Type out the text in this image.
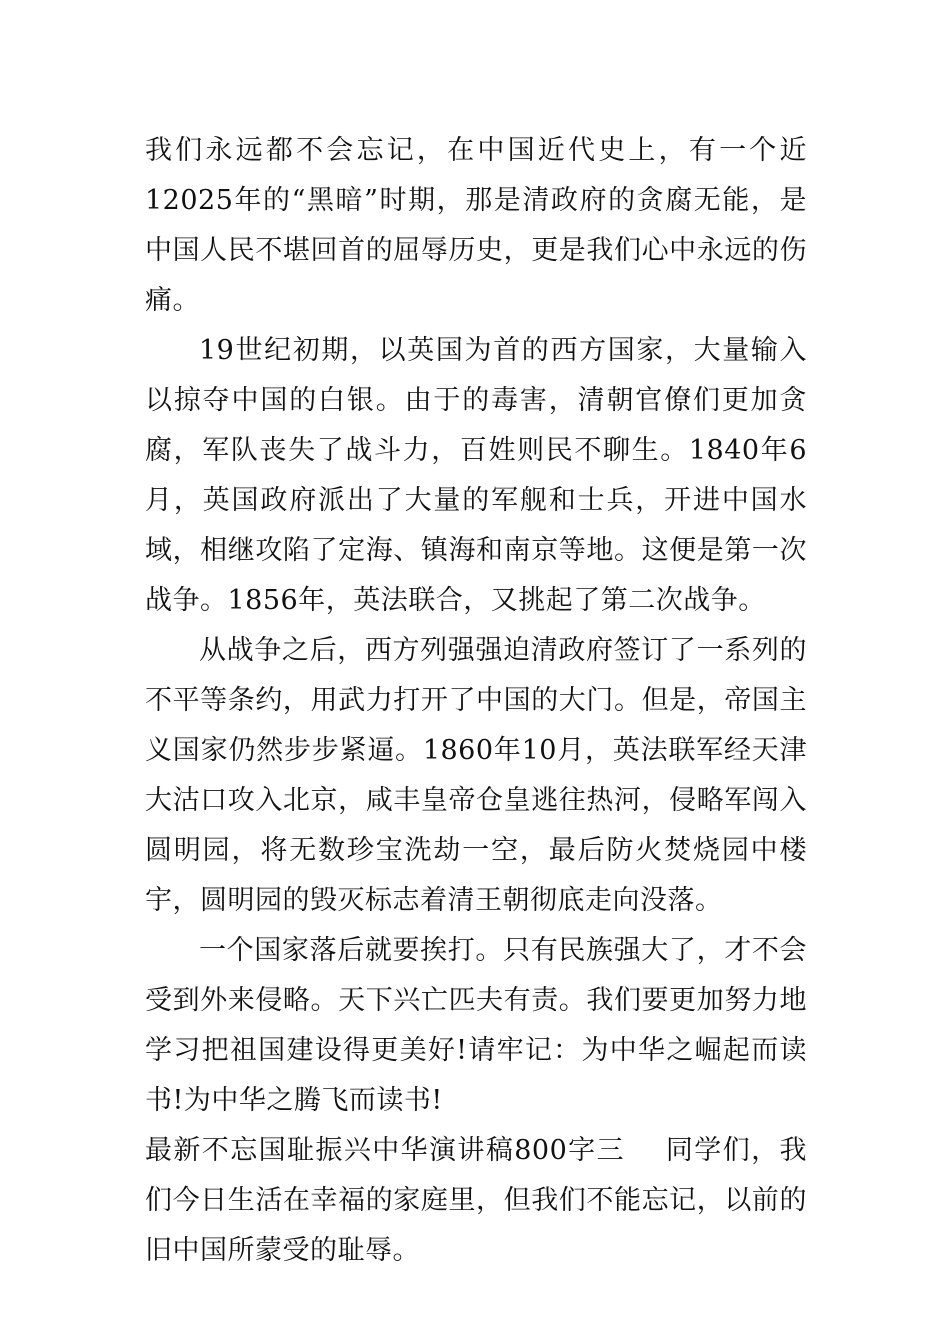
我们永远都不会忘记，在中国近代史上，有一个近12025年的“黑暗”时期，那是清政府的贪腐无能，是中国人民不堪回首的屈辱历史，更是我们心中永远的伤痛。

19世纪初期，以英国为首的西方国家，大量输入以掠夺中国的白银。由于的毒害，清朝官僚们更加贪腐，军队丧失了战斗力，百姓则民不聊生。1840年6月，英国政府派出了大量的军舰和士兵，开进中国水域，相继攻陷了定海、镇海和南京等地。这便是第一次战争。1856年，英法联合，又挑起了第二次战争。

从战争之后，西方列强强迫清政府签订了一系列的不平等条约，用武力打开了中国的大门。但是，帝国主义国家仍然步步紧逼。1860年10月，英法联军经天津大沽口攻入北京，咸丰皇帝仓皇逃往热河，侵略军闯入圆明园，将无数珍宝洗劫一空，最后防火焚烧园中楼宇，圆明园的毁灭标志着清王朝彻底走向没落。

一个国家落后就要挨打。只有民族强大了，才不会受到外来侵略。天下兴亡匹夫有责。我们要更加努力地学习把祖国建设得更美好!请牢记：为中华之崛起而读书!为中华之腾飞而读书!

最新不忘国耻振兴中华演讲稿800字三 同学们，我们今日生活在幸福的家庭里，但我们不能忘记，以前的旧中国所蒙受的耻辱。
